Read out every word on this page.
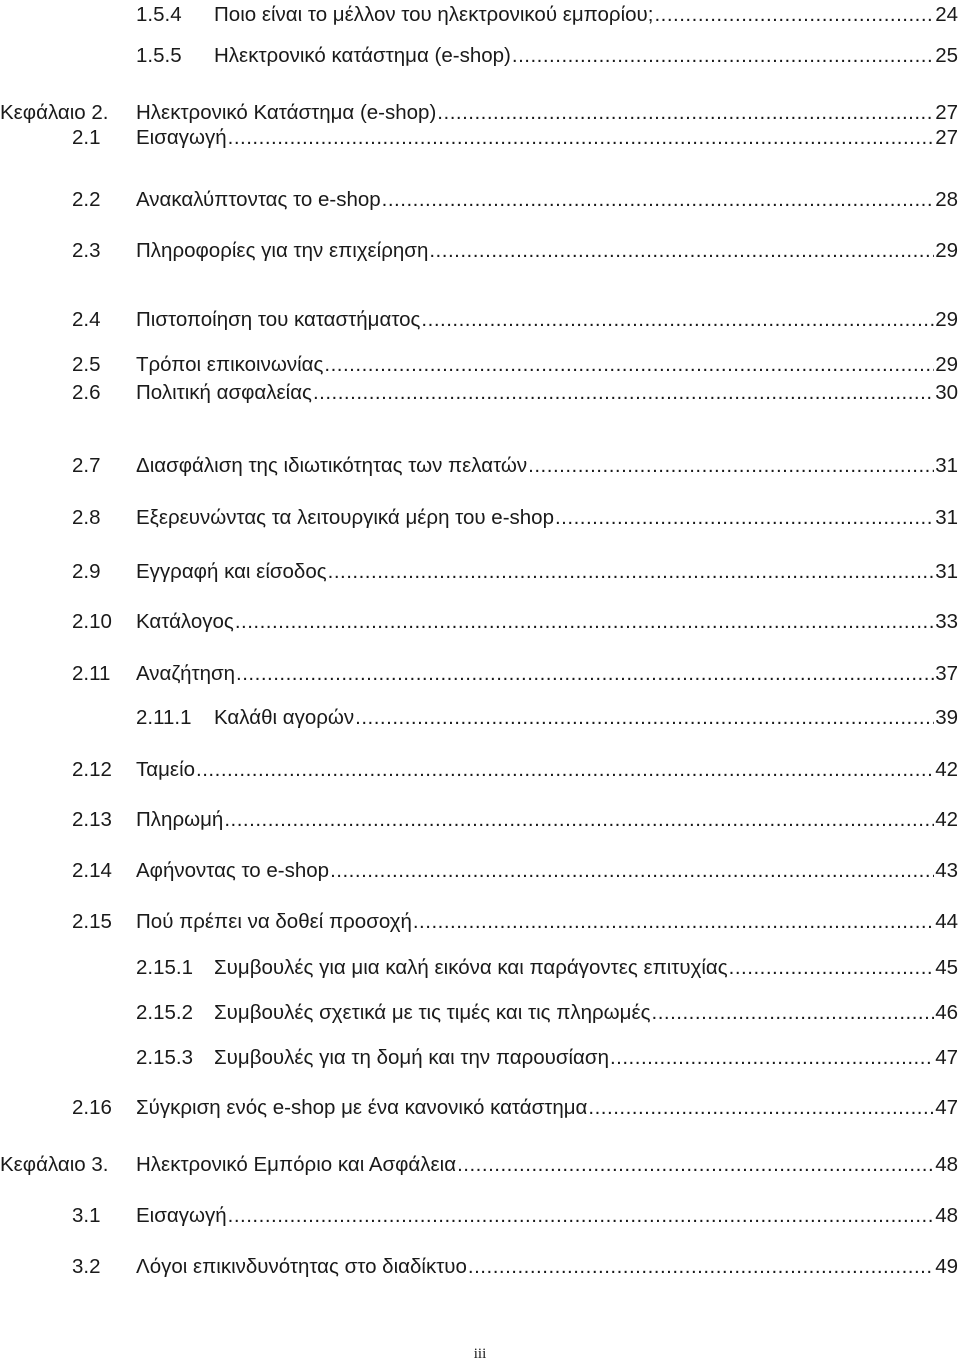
1.5.4	Ποιο είναι το μέλλον του ηλεκτρονικού εμπορίου; .....	24
1.5.5	Ηλεκτρονικό κατάστημα (e-shop) .....	25
Κεφάλαιο 2.	Ηλεκτρονικό Κατάστημα (e-shop) .....	27
2.1	Εισαγωγή .....	27
2.2	Ανακαλύπτοντας το e-shop .....	28
2.3	Πληροφορίες για την επιχείρηση .....	29
2.4	Πιστοποίηση του καταστήματος .....	29
2.5	Τρόποι επικοινωνίας .....	29
2.6	Πολιτική ασφαλείας .....	30
2.7	Διασφάλιση της ιδιωτικότητας των πελατών .....	31
2.8	Εξερευνώντας τα λειτουργικά μέρη του e-shop .....	31
2.9	Εγγραφή και είσοδος .....	31
2.10	Κατάλογος .....	33
2.11	Αναζήτηση .....	37
2.11.1	Καλάθι αγορών .....	39
2.12	Ταμείο .....	42
2.13	Πληρωμή .....	42
2.14	Αφήνοντας το e-shop .....	43
2.15	Πού πρέπει να δοθεί προσοχή .....	44
2.15.1	Συμβουλές για μια καλή εικόνα και παράγοντες επιτυχίας .....	45
2.15.2	Συμβουλές σχετικά με τις τιμές και τις πληρωμές .....	46
2.15.3	Συμβουλές για τη δομή και την παρουσίαση .....	47
2.16	Σύγκριση ενός e-shop με ένα κανονικό κατάστημα .....	47
Κεφάλαιο 3.	Ηλεκτρονικό Εμπόριο και Ασφάλεια .....	48
3.1	Εισαγωγή .....	48
3.2	Λόγοι επικινδυνότητας στο διαδίκτυο .....	49
iii
